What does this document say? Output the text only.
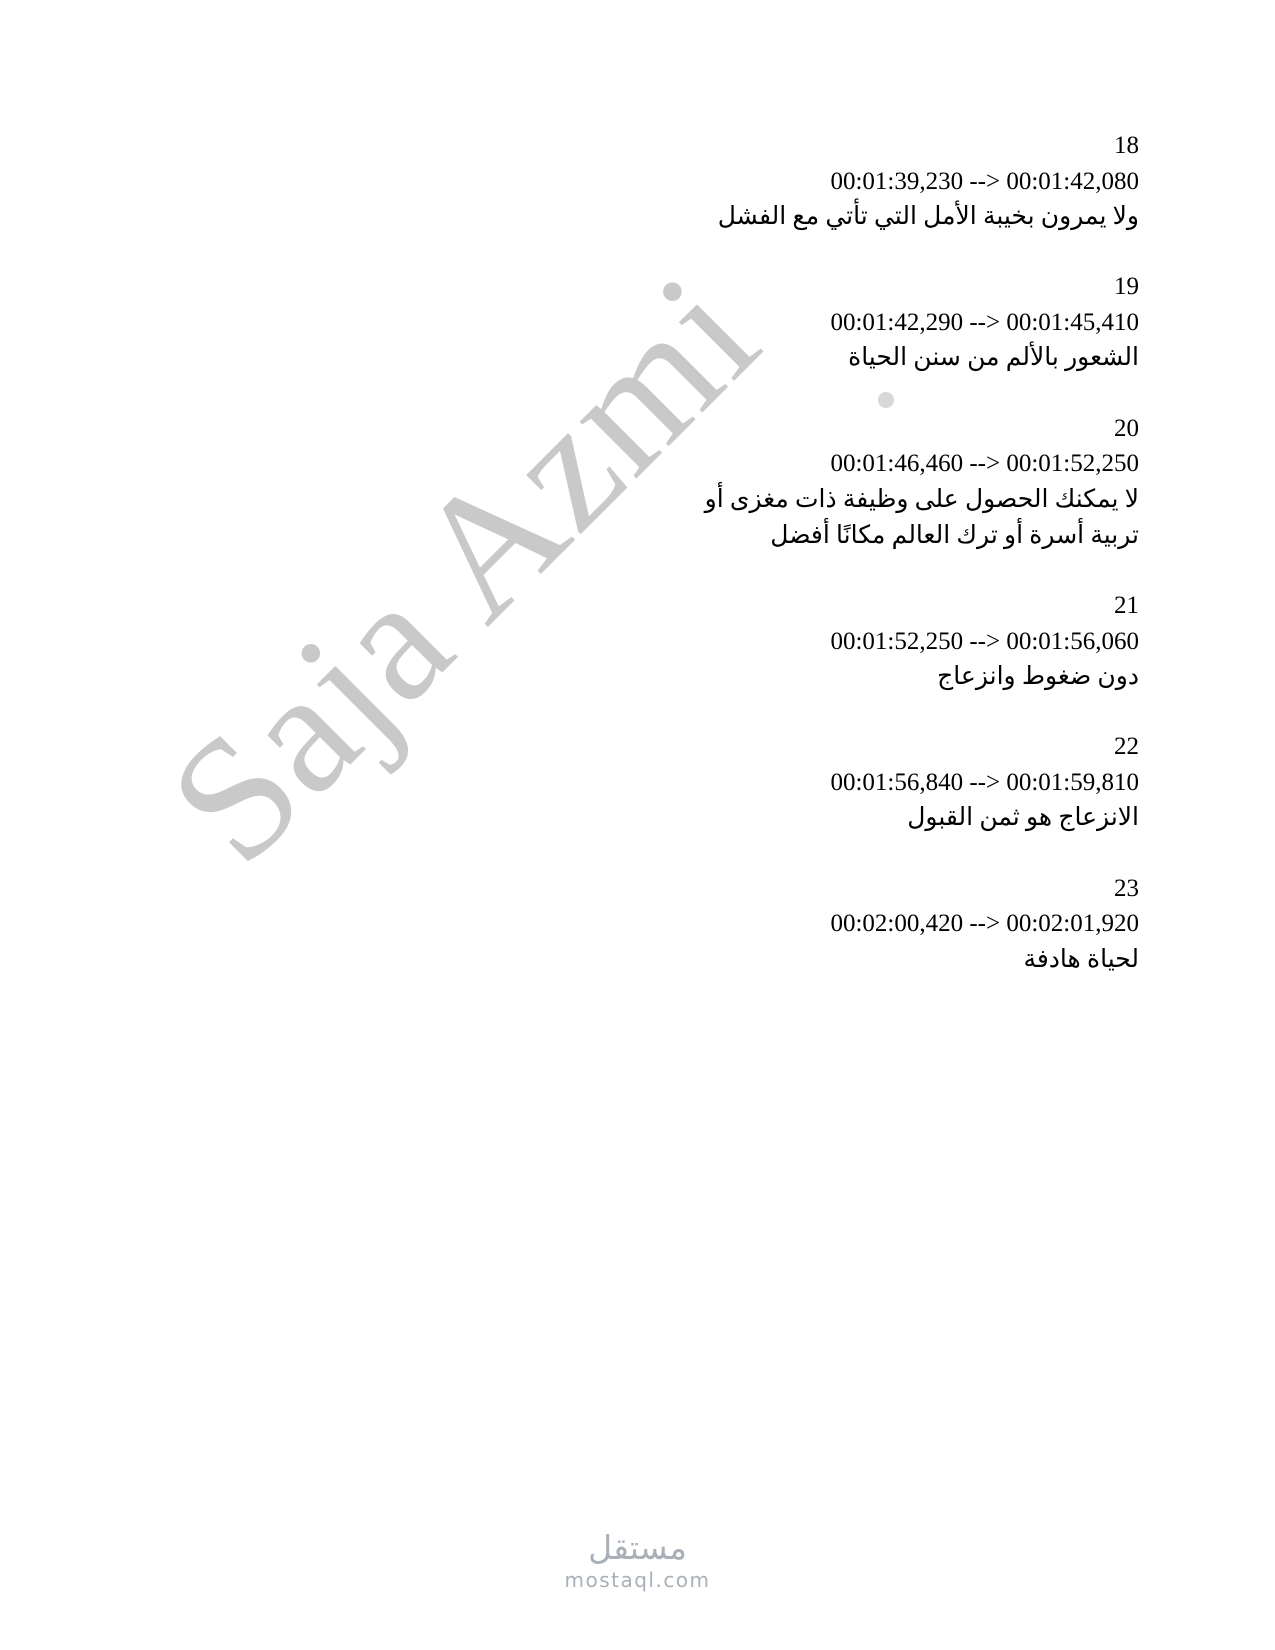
Saja Azmi
18
00:01:39,230 --> 00:01:42,080
ولا يمرون بخيبة الأمل التي تأتي مع الفشل
19
00:01:42,290 --> 00:01:45,410
الشعور بالألم من سنن الحياة
20
00:01:46,460 --> 00:01:52,250
لا يمكنك الحصول على وظيفة ذات مغزى أو
تربية أسرة أو ترك العالم مكانًا أفضل
21
00:01:52,250 --> 00:01:56,060
دون ضغوط وانزعاج
22
00:01:56,840 --> 00:01:59,810
الانزعاج هو ثمن القبول
23
00:02:00,420 --> 00:02:01,920
لحياة هادفة
مستقل
mostaql.com
